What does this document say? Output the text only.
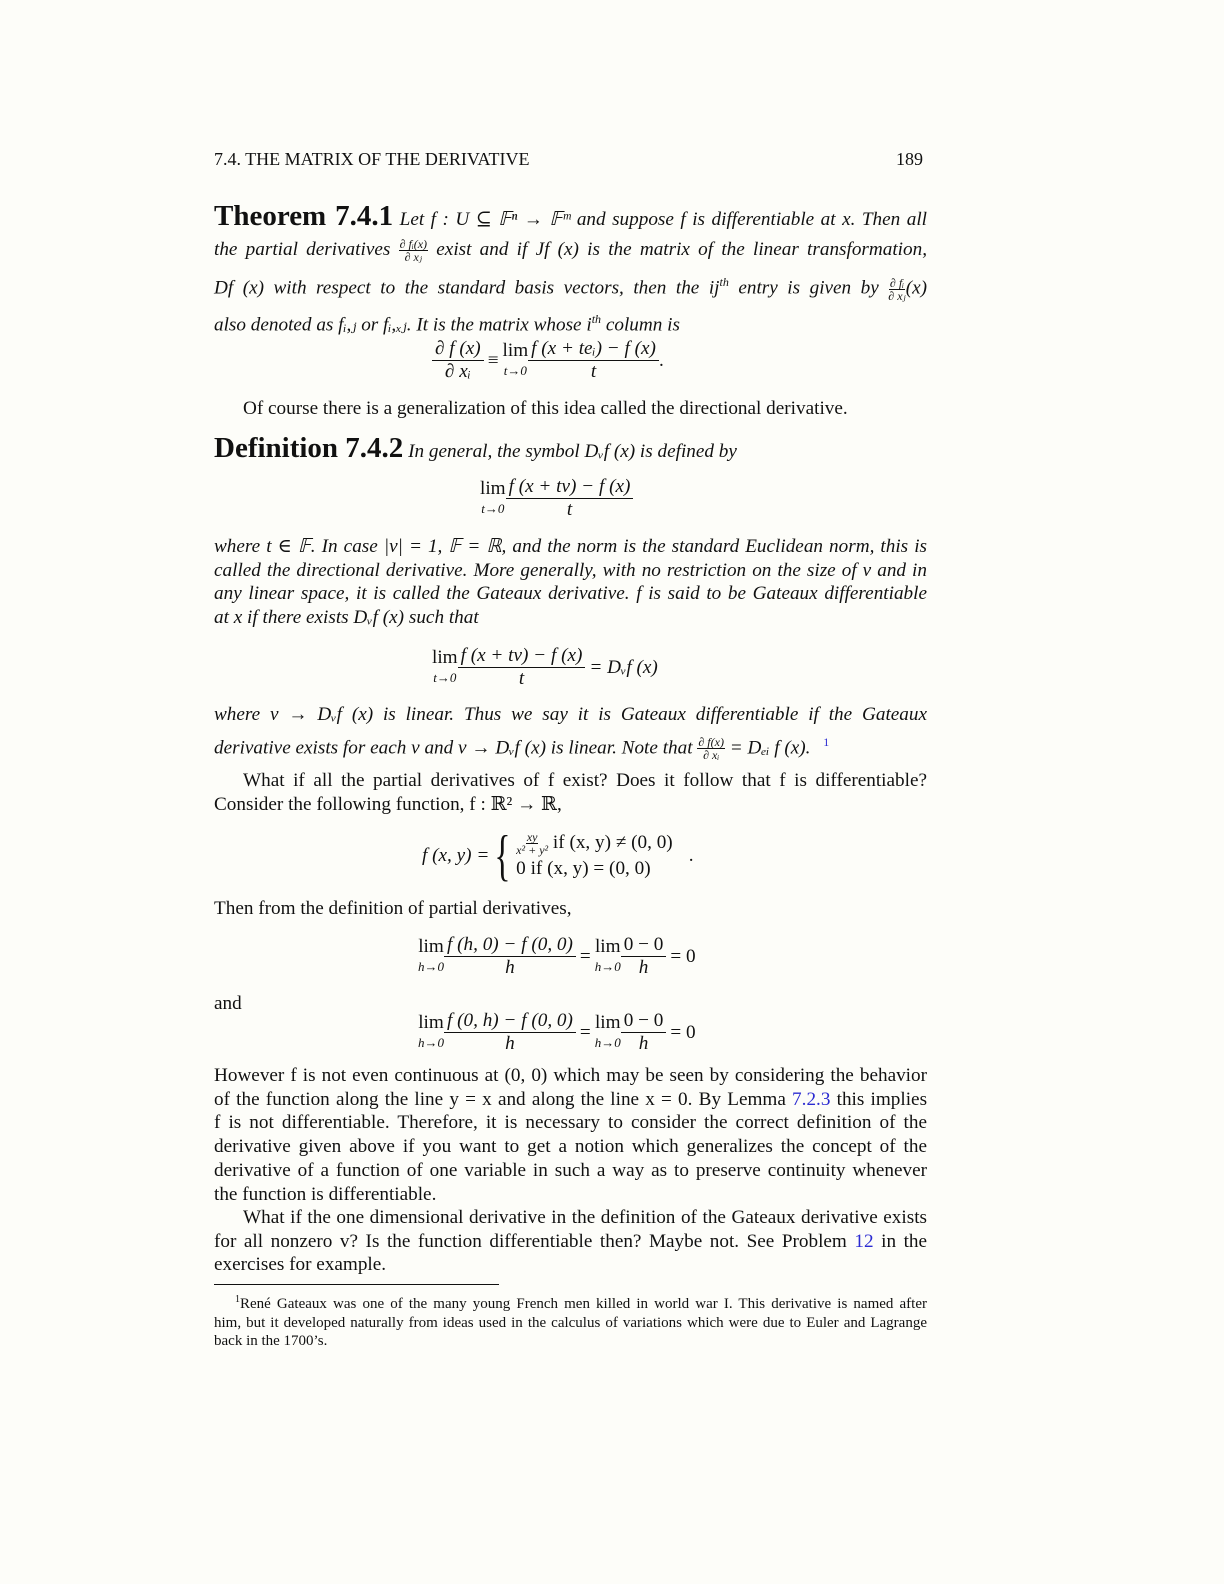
7.4. THE MATRIX OF THE DERIVATIVE	189
Theorem 7.4.1 Let f : U ⊆ 𝔽ⁿ → 𝔽ᵐ and suppose f is differentiable at x. Then all
the partial derivatives $\frac{\text{∂ fᵢ(x)}}{\text{∂ xⱼ}}$ exist and if Jf (x) is the matrix of the linear transformation,
Df (x) with respect to the standard basis vectors, then the $ij^{th}$ entry is given by $\frac{\text{∂ fᵢ}}{\text{∂ xⱼ}} (x)$
also denoted as fᵢ,ⱼ or fᵢ,ₓⱼ. It is the matrix whose $i^{th}$ column is
$\frac{\partial f (x)}{\text{∂ xᵢ}} \equiv \lim$
$t\to 0 \frac{\text{f (x + teᵢ) − f (x)}}{t}$ .
Of course there is a generalization of this idea called the directional derivative.
Definition 7.4.2 In general, the symbol Dᵥf (x) is defined by
lim
$t\to 0 \frac{f (x + tv) - f (x)}{t}$
where t ∈ 𝔽. In case |v| = 1, 𝔽 = ℝ, and the norm is the standard Euclidean norm, this is
called the directional derivative. More generally, with no restriction on the size of v and in
any linear space, it is called the Gateaux derivative. f is said to be Gateaux differentiable
at x if there exists Dᵥf (x) such that
lim
$t\to 0 \frac{f (x + tv) - f (x)}{t}$ = Dᵥf (x)
where v → Dᵥf (x) is linear. Thus we say it is Gateaux differentiable if the Gateaux
derivative exists for each v and v → Dᵥf (x) is linear. Note that $\frac{\partial f(x)}{\text{∂ xᵢ}}$ = Dₑᵢ f (x). $^1$
What if all the partial derivatives of f exist? Does it follow that f is differentiable?
Consider the following function, f : ℝ² → ℝ,
f (x, y) = { $\frac{xy}{\text{x² + y²}}$ if (x, y) ≠ (0, 0)
0 if (x, y) = (0, 0)
.
Then from the definition of partial derivatives,
lim
$h\to 0 \frac{f (h, 0) - f (0, 0)}{h} = \lim$
$h\to 0 \frac{0 - 0}{h} = 0$
and
lim
$h\to 0 \frac{f (0, h) - f (0, 0)}{h} = \lim$
$h\to 0 \frac{0 - 0}{h} = 0$
However f is not even continuous at (0, 0) which may be seen by considering the behavior
of the function along the line y = x and along the line x = 0. By Lemma 7.2.3 this implies
f is not differentiable. Therefore, it is necessary to consider the correct definition of the
derivative given above if you want to get a notion which generalizes the concept of the
derivative of a function of one variable in such a way as to preserve continuity whenever
the function is differentiable.
What if the one dimensional derivative in the definition of the Gateaux derivative exists
for all nonzero v? Is the function differentiable then? Maybe not. See Problem 12 in the
exercises for example.
$^1$René Gateaux was one of the many young French men killed in world war I. This derivative is named after
him, but it developed naturally from ideas used in the calculus of variations which were due to Euler and Lagrange
back in the 1700’s.
